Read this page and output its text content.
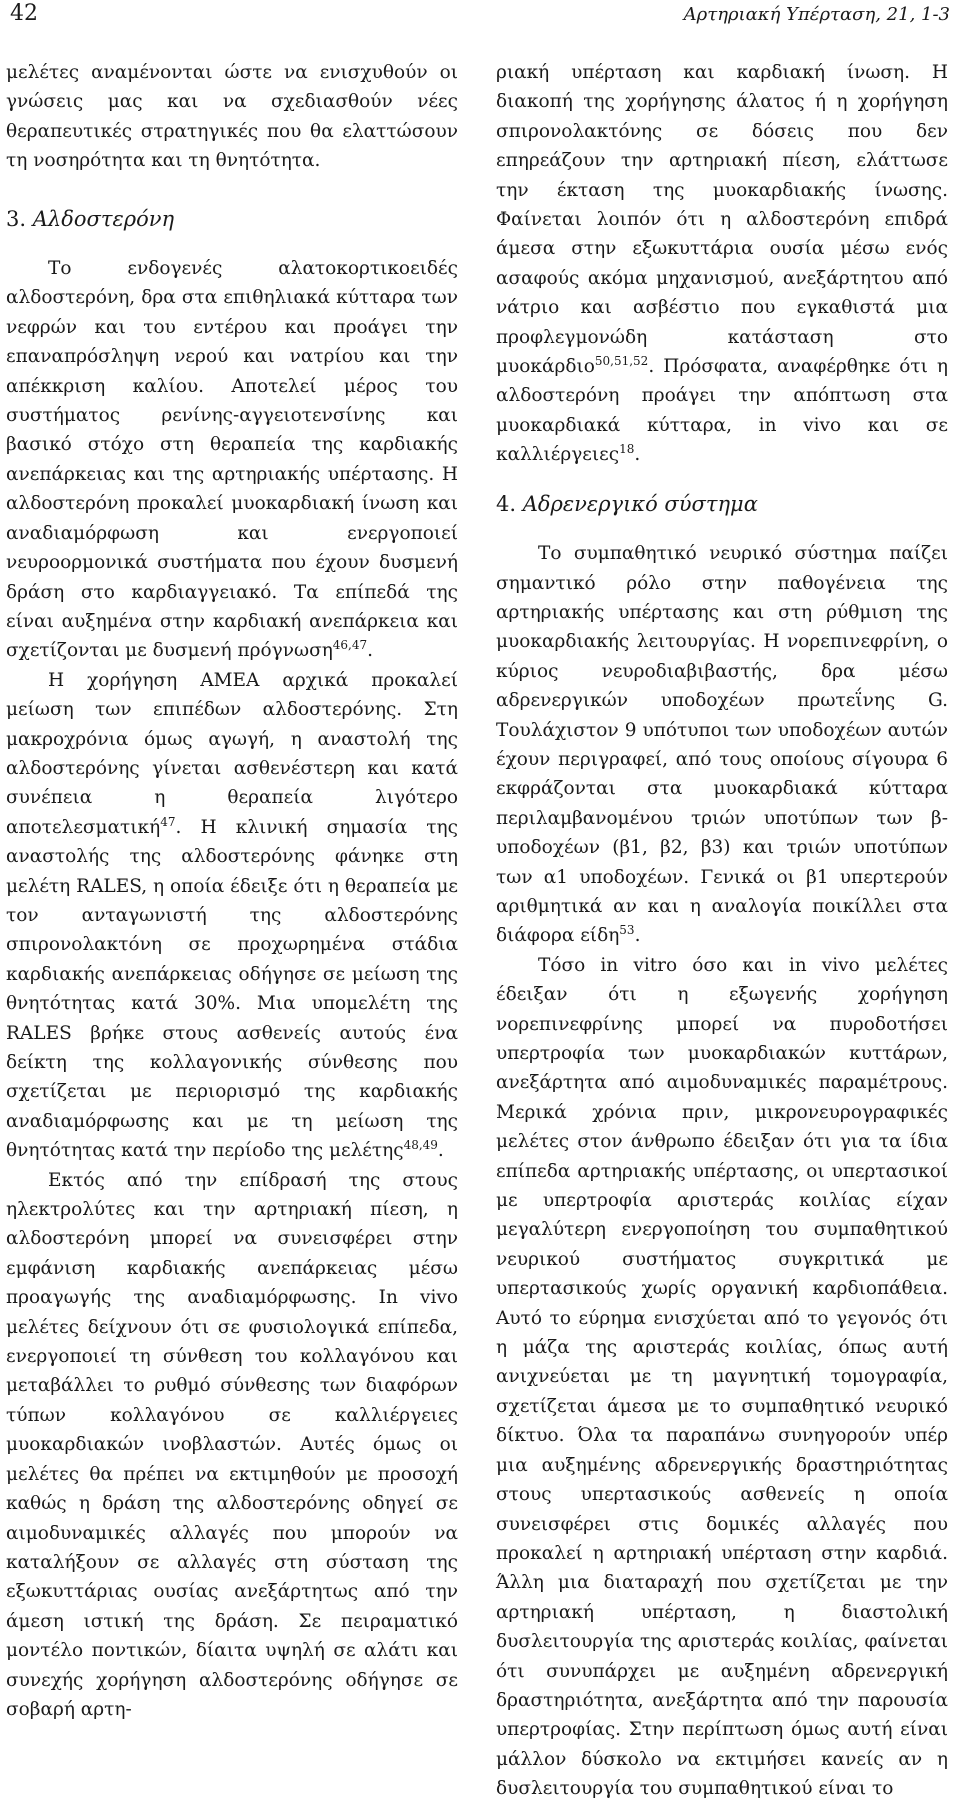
42	Αρτηριακή Υπέρταση, 21, 1-3

μελέτες αναμένονται ώστε να ενισχυθούν οι γνώσεις μας και να σχεδιασθούν νέες θεραπευτικές στρατηγικές που θα ελαττώσουν τη νοσηρότητα και τη θνητότητα.

3. Αλδοστερόνη

Το ενδογενές αλατοκορτικοειδές αλδοστερόνη, δρα στα επιθηλιακά κύτταρα των νεφρών και του εντέρου και προάγει την επαναπρόσληψη νερού και νατρίου και την απέκκριση καλίου. Αποτελεί μέρος του συστήματος ρενίνης-αγγειοτενσίνης και βασικό στόχο στη θεραπεία της καρδιακής ανεπάρκειας και της αρτηριακής υπέρτασης. Η αλδοστερόνη προκαλεί μυοκαρδιακή ίνωση και αναδιαμόρφωση και ενεργοποιεί νευροορμονικά συστήματα που έχουν δυσμενή δράση στο καρδιαγγειακό. Τα επίπεδά της είναι αυξημένα στην καρδιακή ανεπάρκεια και σχετίζονται με δυσμενή πρόγνωση$^{46,47}$.

Η χορήγηση ΑΜΕΑ αρχικά προκαλεί μείωση των επιπέδων αλδοστερόνης. Στη μακροχρόνια όμως αγωγή, η αναστολή της αλδοστερόνης γίνεται ασθενέστερη και κατά συνέπεια η θεραπεία λιγότερο αποτελεσματική$^{47}$. Η κλινική σημασία της αναστολής της αλδοστερόνης φάνηκε στη μελέτη RALES, η οποία έδειξε ότι η θεραπεία με τον ανταγωνιστή της αλδοστερόνης σπιρονολακτόνη σε προχωρημένα στάδια καρδιακής ανεπάρκειας οδήγησε σε μείωση της θνητότητας κατά 30%. Μια υπομελέτη της RALES βρήκε στους ασθενείς αυτούς ένα δείκτη της κολλαγονικής σύνθεσης που σχετίζεται με περιορισμό της καρδιακής αναδιαμόρφωσης και με τη μείωση της θνητότητας κατά την περίοδο της μελέτης$^{48,49}$.

Εκτός από την επίδρασή της στους ηλεκτρολύτες και την αρτηριακή πίεση, η αλδοστερόνη μπορεί να συνεισφέρει στην εμφάνιση καρδιακής ανεπάρκειας μέσω προαγωγής της αναδιαμόρφωσης. In vivo μελέτες δείχνουν ότι σε φυσιολογικά επίπεδα, ενεργοποιεί τη σύνθεση του κολλαγόνου και μεταβάλλει το ρυθμό σύνθεσης των διαφόρων τύπων κολλαγόνου σε καλλιέργειες μυοκαρδιακών ινοβλαστών. Αυτές όμως οι μελέτες θα πρέπει να εκτιμηθούν με προσοχή καθώς η δράση της αλδοστερόνης οδηγεί σε αιμοδυναμικές αλλαγές που μπορούν να καταλήξουν σε αλλαγές στη σύσταση της εξωκυττάριας ουσίας ανεξάρτητως από την άμεση ιστική της δράση. Σε πειραματικό μοντέλο ποντικών, δίαιτα υψηλή σε αλάτι και συνεχής χορήγηση αλδοστερόνης οδήγησε σε σοβαρή αρτη-

ριακή υπέρταση και καρδιακή ίνωση. Η διακοπή της χορήγησης άλατος ή η χορήγηση σπιρονολακτόνης σε δόσεις που δεν επηρεάζουν την αρτηριακή πίεση, ελάττωσε την έκταση της μυοκαρδιακής ίνωσης. Φαίνεται λοιπόν ότι η αλδοστερόνη επιδρά άμεσα στην εξωκυττάρια ουσία μέσω ενός ασαφούς ακόμα μηχανισμού, ανεξάρτητου από νάτριο και ασβέστιο που εγκαθιστά μια προφλεγμονώδη κατάσταση στο μυοκάρδιο$^{50,51,52}$. Πρόσφατα, αναφέρθηκε ότι η αλδοστερόνη προάγει την απόπτωση στα μυοκαρδιακά κύτταρα, in vivo και σε καλλιέργειες$^{18}$.

4. Αδρενεργικό σύστημα

Το συμπαθητικό νευρικό σύστημα παίζει σημαντικό ρόλο στην παθογένεια της αρτηριακής υπέρτασης και στη ρύθμιση της μυοκαρδιακής λειτουργίας. Η νορεπινεφρίνη, ο κύριος νευροδιαβιβαστής, δρα μέσω αδρενεργικών υποδοχέων πρωτεΐνης G. Τουλάχιστον 9 υπότυποι των υποδοχέων αυτών έχουν περιγραφεί, από τους οποίους σίγουρα 6 εκφράζονται στα μυοκαρδιακά κύτταρα περιλαμβανομένου τριών υποτύπων των β-υποδοχέων (β1, β2, β3) και τριών υποτύπων των α1 υποδοχέων. Γενικά οι β1 υπερτερούν αριθμητικά αν και η αναλογία ποικίλλει στα διάφορα είδη$^{53}$.

Τόσο in vitro όσο και in vivo μελέτες έδειξαν ότι η εξωγενής χορήγηση νορεπινεφρίνης μπορεί να πυροδοτήσει υπερτροφία των μυοκαρδιακών κυττάρων, ανεξάρτητα από αιμοδυναμικές παραμέτρους. Μερικά χρόνια πριν, μικρονευρογραφικές μελέτες στον άνθρωπο έδειξαν ότι για τα ίδια επίπεδα αρτηριακής υπέρτασης, οι υπερτασικοί με υπερτροφία αριστεράς κοιλίας είχαν μεγαλύτερη ενεργοποίηση του συμπαθητικού νευρικού συστήματος συγκριτικά με υπερτασικούς χωρίς οργανική καρδιοπάθεια. Αυτό το εύρημα ενισχύεται από το γεγονός ότι η μάζα της αριστεράς κοιλίας, όπως αυτή ανιχνεύεται με τη μαγνητική τομογραφία, σχετίζεται άμεσα με το συμπαθητικό νευρικό δίκτυο. Όλα τα παραπάνω συνηγορούν υπέρ μια αυξημένης αδρενεργικής δραστηριότητας στους υπερτασικούς ασθενείς η οποία συνεισφέρει στις δομικές αλλαγές που προκαλεί η αρτηριακή υπέρταση στην καρδιά. Άλλη μια διαταραχή που σχετίζεται με την αρτηριακή υπέρταση, η διαστολική δυσλειτουργία της αριστεράς κοιλίας, φαίνεται ότι συνυπάρχει με αυξημένη αδρενεργική δραστηριότητα, ανεξάρτητα από την παρουσία υπερτροφίας. Στην περίπτωση όμως αυτή είναι μάλλον δύσκολο να εκτιμήσει κανείς αν η δυσλειτουργία του συμπαθητικού είναι το
